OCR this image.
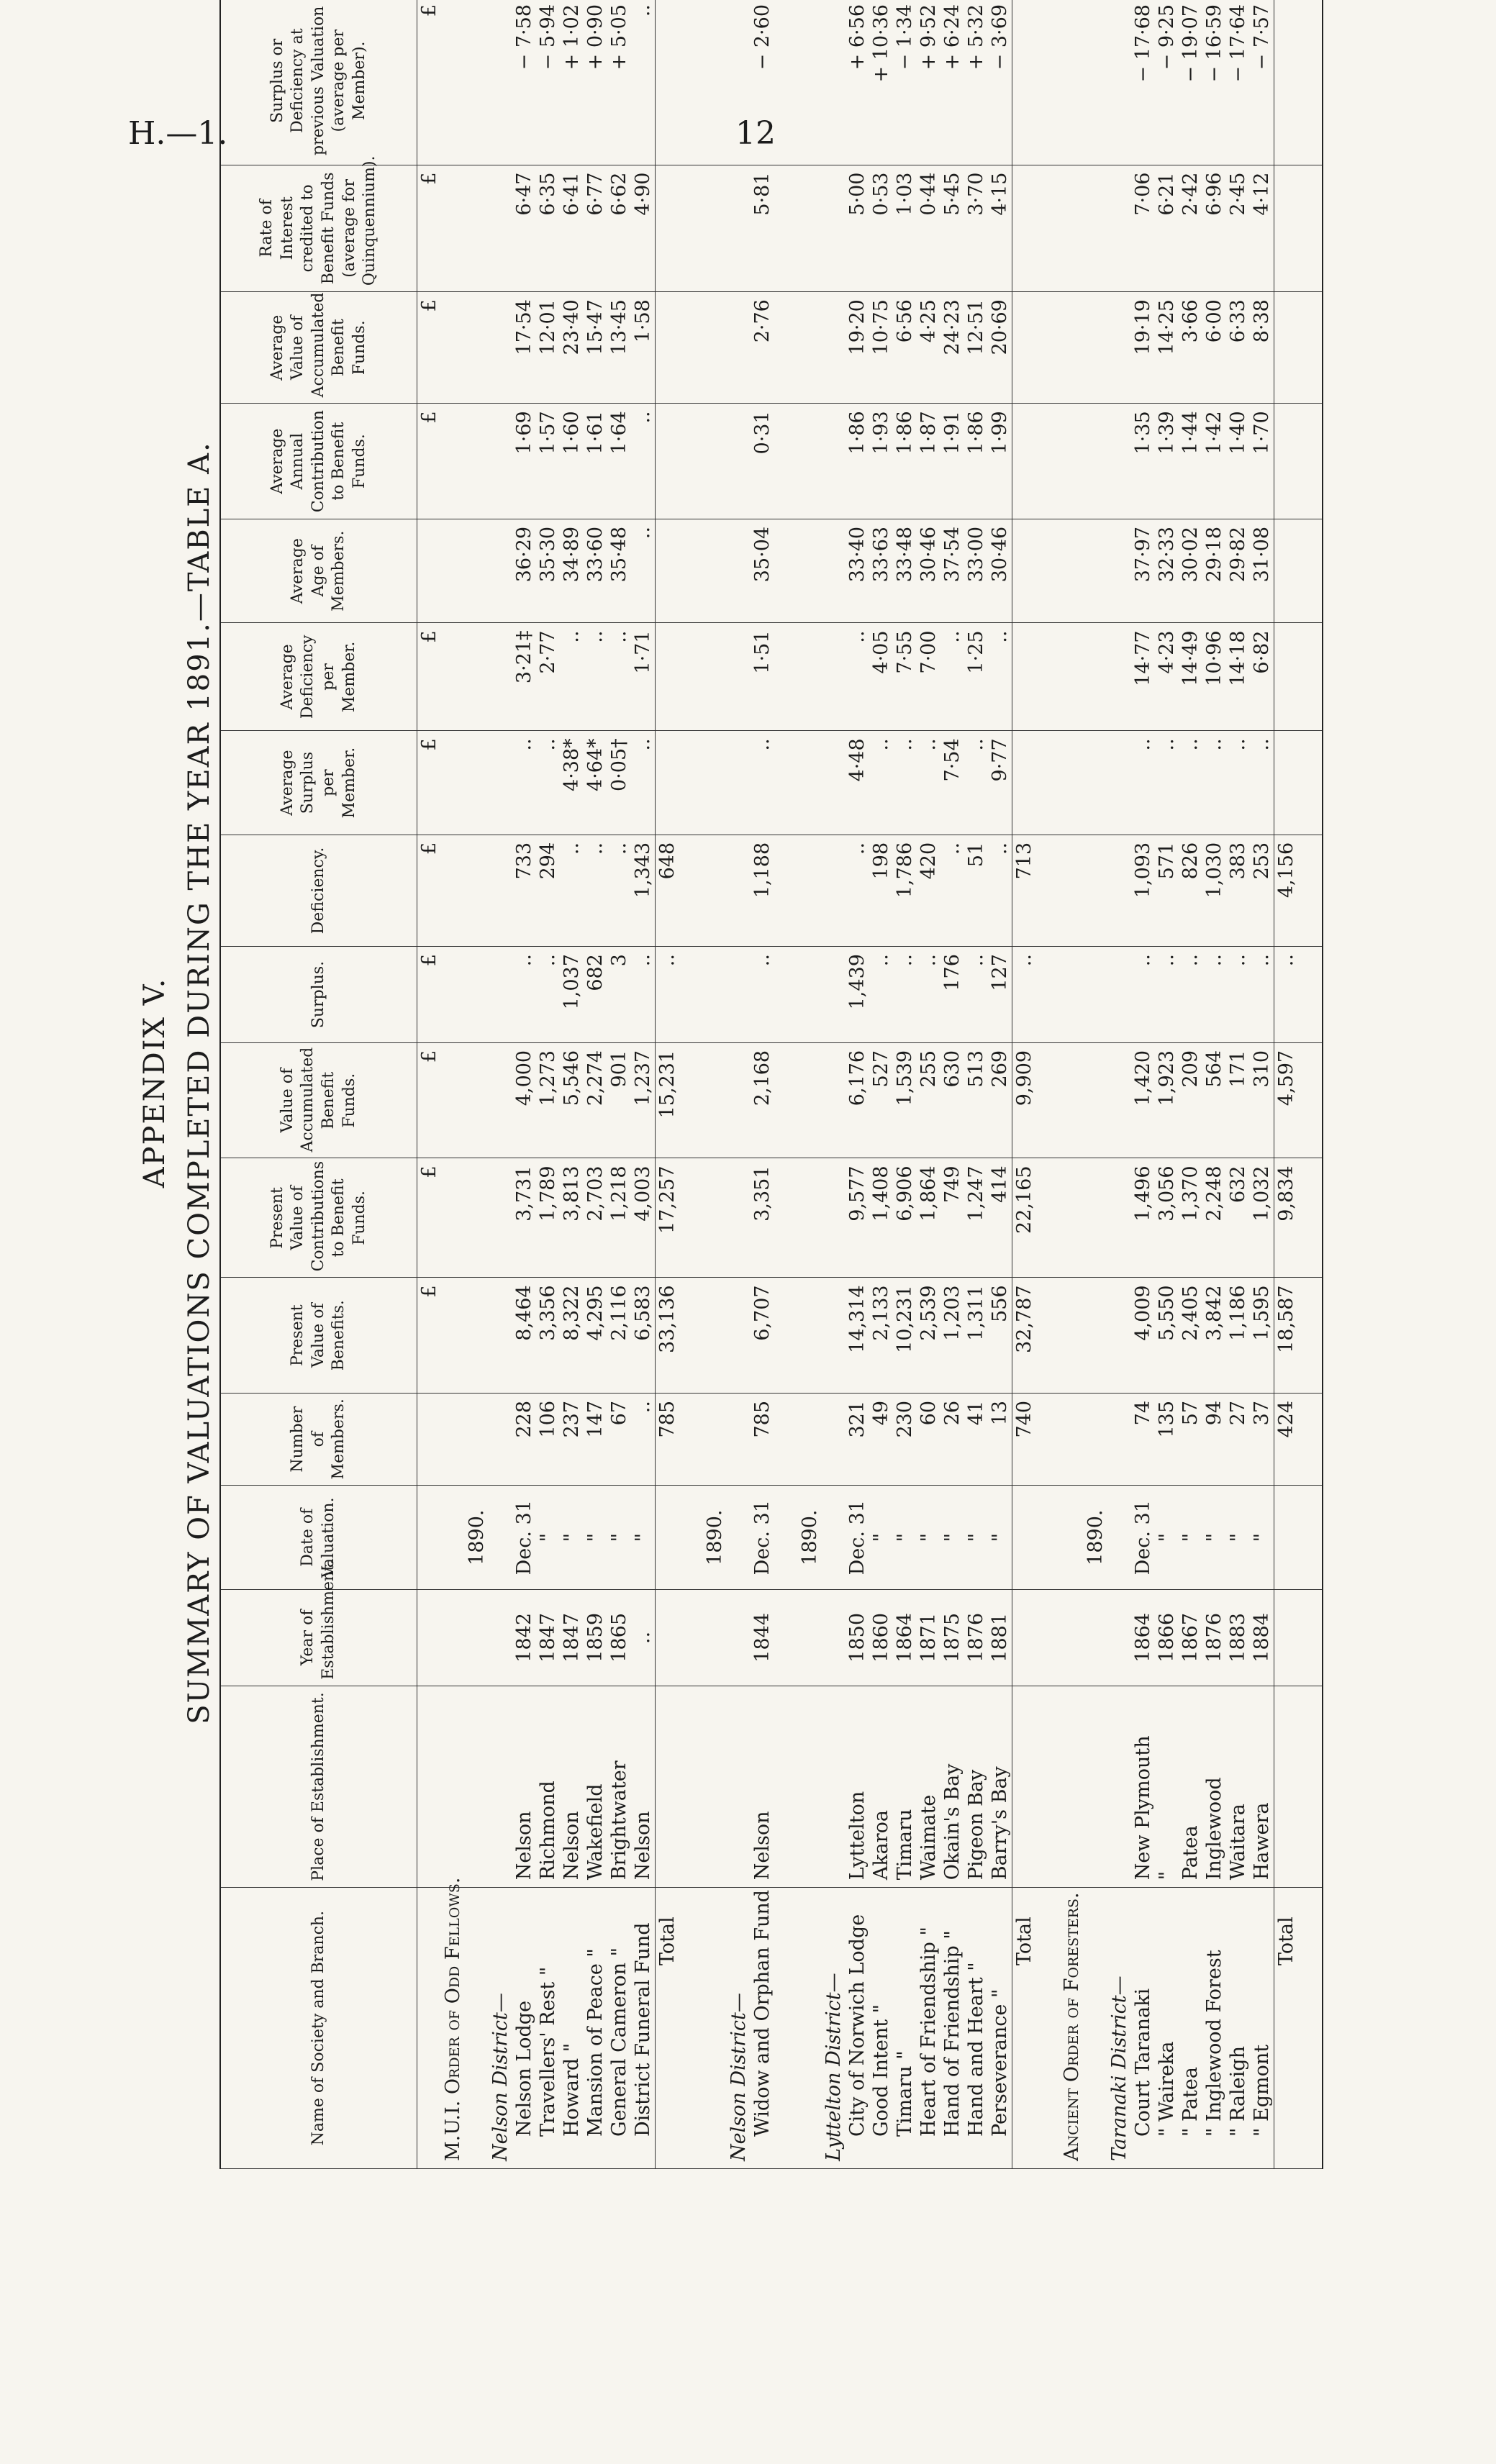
H.—1.	12
APPENDIX V. SUMMARY OF VALUATIONS COMPLETED DURING THE YEAR 1891.—TABLE A.
Name of Society and Branch.	Place of Establishment.	Year of Establishment.	Date of Valuation.	Number of Members.	Present Value of Benefits.	Present Value of Contributions to Benefit Funds.	Value of Accumulated Benefit Funds.	Surplus.	Deficiency.	Average Surplus per Member.	Average Deficiency per Member.	Average Age of Members.	Average Annual Contribution to Benefit Funds.	Average Value of Accumulated Benefit Funds.	Rate of Interest credited to Benefit Funds (average for Quinquennium).	Surplus or Deficiency at previous Valuation (average per Member).
					£	£	£	£	£	£	£		£	£	£	£
M.U.I. Order of Odd Fellows.																
			1890.													
Nelson District—																
Nelson Lodge	Nelson	1842	Dec. 31	228	8,464	3,731	4,000	..	733	..	3·21‡	36·29	1·69	17·54	6·47	− 7·58
Travellers' Rest "	Richmond	1847	"	106	3,356	1,789	1,273	..	294	..	2·77	35·30	1·57	12·01	6·35	− 5·94
Howard "	Nelson	1847	"	237	8,322	3,813	5,546	1,037	..	4·38*	..	34·89	1·60	23·40	6·41	+ 1·02
Mansion of Peace "	Wakefield	1859	"	147	4,295	2,703	2,274	682	..	4·64*	..	33·60	1·61	15·47	6·77	+ 0·90
General Cameron "	Brightwater	1865	"	67	2,116	1,218	901	3	..	0·05†	..	35·48	1·64	13·45	6·62	+ 5·05
District Funeral Fund	Nelson	..	"	..	6,583	4,003	1,237	..	1,343	..	1·71	..	..	1·58	4·90	..
Total				785	33,136	17,257	15,231	..	648							

			1890.													
Nelson District—																
Widow and Orphan Fund	Nelson	1844	Dec. 31	785	6,707	3,351	2,168	..	1,188	..	1·51	35·04	0·31	2·76	5·81	− 2·60

			1890.													
Lyttelton District—																
City of Norwich Lodge	Lyttelton	1850	Dec. 31	321	14,314	9,577	6,176	1,439	..	4·48	..	33·40	1·86	19·20	5·00	+ 6·56
Good Intent "	Akaroa	1860	"	49	2,133	1,408	527	..	198	..	4·05	33·63	1·93	10·75	0·53	+ 10·36
Timaru "	Timaru	1864	"	230	10,231	6,906	1,539	..	1,786	..	7·55	33·48	1·86	6·56	1·03	− 1·34
Heart of Friendship "	Waimate	1871	"	60	2,539	1,864	255	..	420	..	7·00	30·46	1·87	4·25	0·44	+ 9·52
Hand of Friendship "	Okain's Bay	1875	"	26	1,203	749	630	176	..	7·54	..	37·54	1·91	24·23	5·45	+ 6·24
Hand and Heart "	Pigeon Bay	1876	"	41	1,311	1,247	513	..	51	..	1·25	33·00	1·86	12·51	3·70	+ 5·32
Perseverance "	Barry's Bay	1881	"	13	556	414	269	127	..	9·77	..	30·46	1·99	20·69	4·15	− 3·69
Total				740	32,787	22,165	9,909	..	713							

Ancient Order of Foresters.																
			1890.													
Taranaki District—																
Court Taranaki	New Plymouth	1864	Dec. 31	74	4,009	1,496	1,420	..	1,093	..	14·77	37·97	1·35	19·19	7·06	− 17·68
" Waireka	"	1866	"	135	5,550	3,056	1,923	..	571	..	4·23	32·33	1·39	14·25	6·21	− 9·25
" Patea	Patea	1867	"	57	2,405	1,370	209	..	826	..	14·49	30·02	1·44	3·66	2·42	− 19·07
" Inglewood Forest	Inglewood	1876	"	94	3,842	2,248	564	..	1,030	..	10·96	29·18	1·42	6·00	6·96	− 16·59
" Raleigh	Waitara	1883	"	27	1,186	632	171	..	383	..	14·18	29·82	1·40	6·33	2·45	− 17·64
" Egmont	Hawera	1884	"	37	1,595	1,032	310	..	253	..	6·82	31·08	1·70	8·38	4·12	− 7·57
Total				424	18,587	9,834	4,597	..	4,156							
